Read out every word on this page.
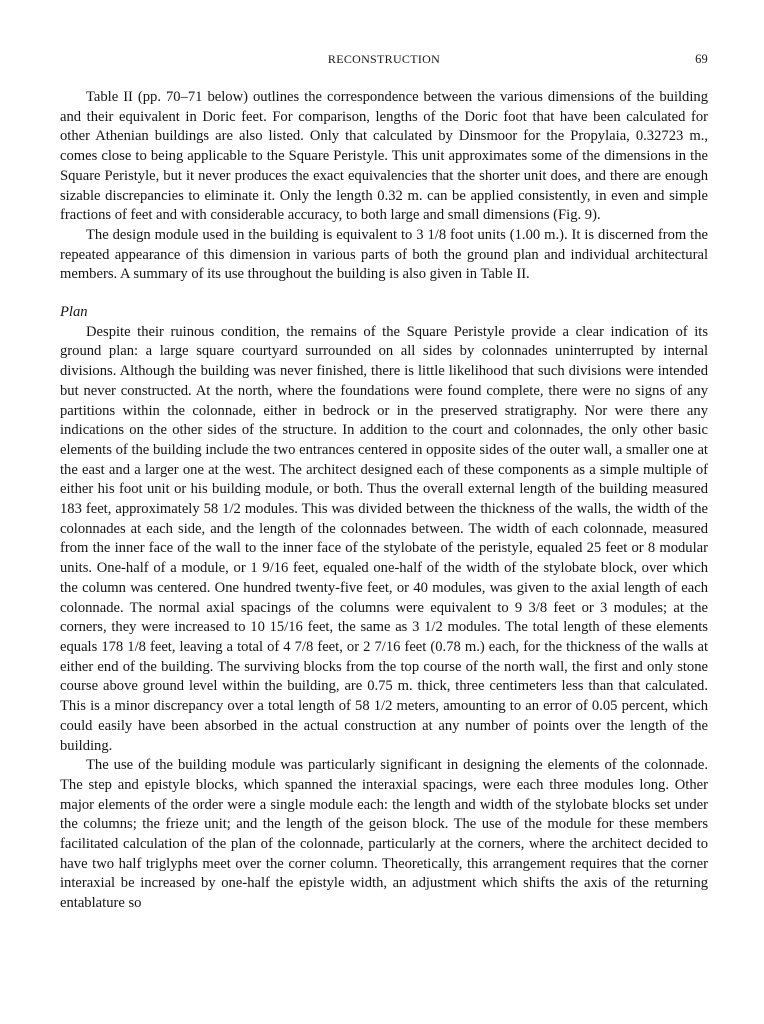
RECONSTRUCTION	69

Table II (pp. 70–71 below) outlines the correspondence between the various dimensions of the building and their equivalent in Doric feet. For comparison, lengths of the Doric foot that have been calculated for other Athenian buildings are also listed. Only that calculated by Dinsmoor for the Propylaia, 0.32723 m., comes close to being applicable to the Square Peristyle. This unit approximates some of the dimensions in the Square Peristyle, but it never produces the exact equivalencies that the shorter unit does, and there are enough sizable discrepancies to eliminate it. Only the length 0.32 m. can be applied consistently, in even and simple fractions of feet and with considerable accuracy, to both large and small dimensions (Fig. 9).

The design module used in the building is equivalent to 3 1/8 foot units (1.00 m.). It is discerned from the repeated appearance of this dimension in various parts of both the ground plan and individual architectural members. A summary of its use throughout the building is also given in Table II.

Plan

Despite their ruinous condition, the remains of the Square Peristyle provide a clear indication of its ground plan: a large square courtyard surrounded on all sides by colonnades uninterrupted by internal divisions. Although the building was never finished, there is little likelihood that such divisions were intended but never constructed. At the north, where the foundations were found complete, there were no signs of any partitions within the colonnade, either in bedrock or in the preserved stratigraphy. Nor were there any indications on the other sides of the structure. In addition to the court and colonnades, the only other basic elements of the building include the two entrances centered in opposite sides of the outer wall, a smaller one at the east and a larger one at the west. The architect designed each of these components as a simple multiple of either his foot unit or his building module, or both. Thus the overall external length of the building measured 183 feet, approximately 58 1/2 modules. This was divided between the thickness of the walls, the width of the colonnades at each side, and the length of the colonnades between. The width of each colonnade, measured from the inner face of the wall to the inner face of the stylobate of the peristyle, equaled 25 feet or 8 modular units. One-half of a module, or 1 9/16 feet, equaled one-half of the width of the stylobate block, over which the column was centered. One hundred twenty-five feet, or 40 modules, was given to the axial length of each colonnade. The normal axial spacings of the columns were equivalent to 9 3/8 feet or 3 modules; at the corners, they were increased to 10 15/16 feet, the same as 3 1/2 modules. The total length of these elements equals 178 1/8 feet, leaving a total of 4 7/8 feet, or 2 7/16 feet (0.78 m.) each, for the thickness of the walls at either end of the building. The surviving blocks from the top course of the north wall, the first and only stone course above ground level within the building, are 0.75 m. thick, three centimeters less than that calculated. This is a minor discrepancy over a total length of 58 1/2 meters, amounting to an error of 0.05 percent, which could easily have been absorbed in the actual construction at any number of points over the length of the building.

The use of the building module was particularly significant in designing the elements of the colonnade. The step and epistyle blocks, which spanned the interaxial spacings, were each three modules long. Other major elements of the order were a single module each: the length and width of the stylobate blocks set under the columns; the frieze unit; and the length of the geison block. The use of the module for these members facilitated calculation of the plan of the colonnade, particularly at the corners, where the architect decided to have two half triglyphs meet over the corner column. Theoretically, this arrangement requires that the corner interaxial be increased by one-half the epistyle width, an adjustment which shifts the axis of the returning entablature so
